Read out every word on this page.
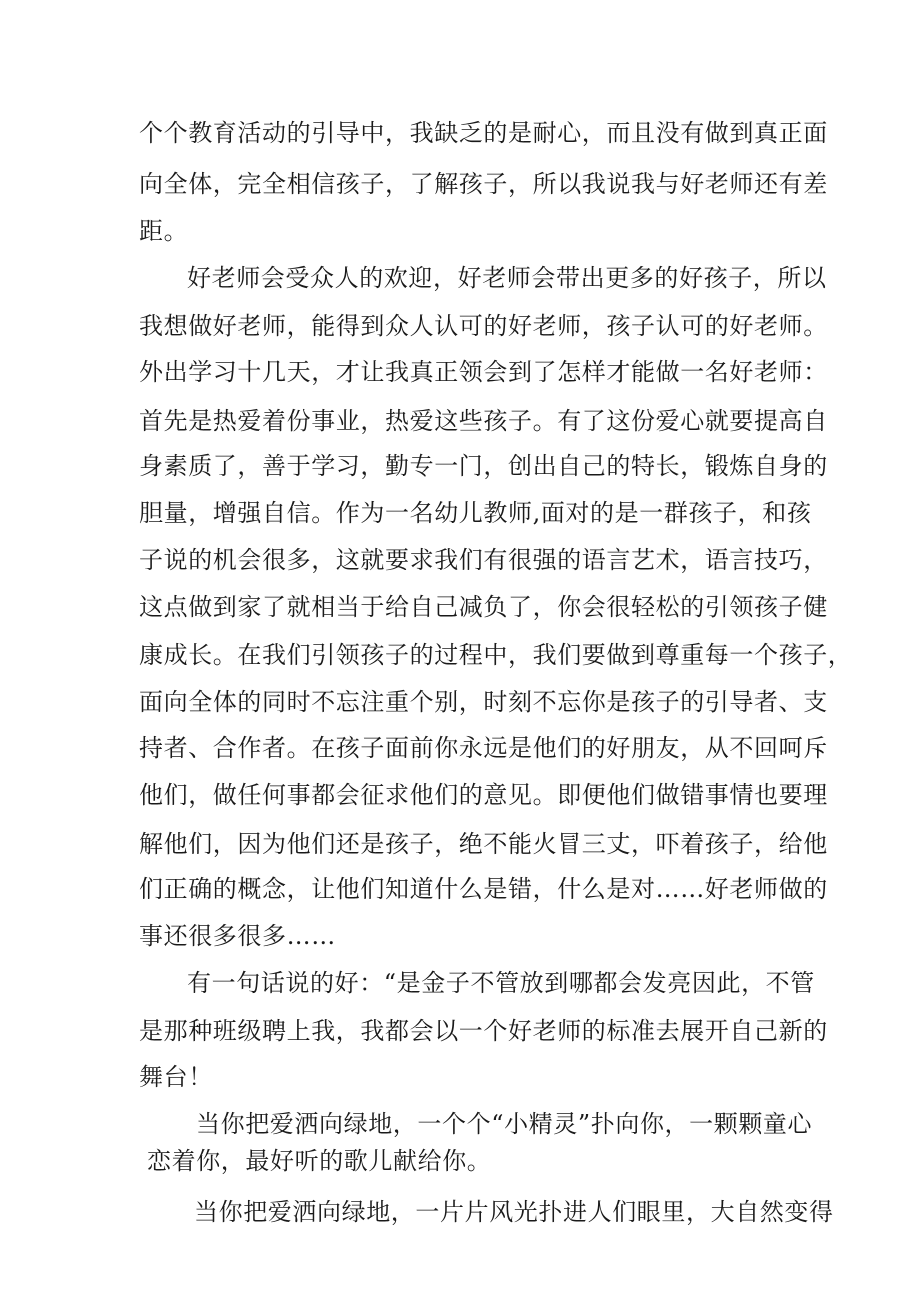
个个教育活动的引导中，我缺乏的是耐心，而且没有做到真正面
向全体，完全相信孩子，了解孩子，所以我说我与好老师还有差
距。
好老师会受众人的欢迎，好老师会带出更多的好孩子，所以
我想做好老师，能得到众人认可的好老师，孩子认可的好老师。
外出学习十几天，才让我真正领会到了怎样才能做一名好老师：
首先是热爱着份事业，热爱这些孩子。有了这份爱心就要提高自
身素质了，善于学习，勤专一门，创出自己的特长，锻炼自身的
胆量，增强自信。作为一名幼儿教师,面对的是一群孩子，和孩
子说的机会很多，这就要求我们有很强的语言艺术，语言技巧，
这点做到家了就相当于给自己减负了，你会很轻松的引领孩子健
康成长。在我们引领孩子的过程中，我们要做到尊重每一个孩子，
面向全体的同时不忘注重个别，时刻不忘你是孩子的引导者、支
持者、合作者。在孩子面前你永远是他们的好朋友，从不回呵斥
他们，做任何事都会征求他们的意见。即便他们做错事情也要理
解他们，因为他们还是孩子，绝不能火冒三丈，吓着孩子，给他
们正确的概念，让他们知道什么是错，什么是对……好老师做的
事还很多很多……
有一句话说的好：“是金子不管放到哪都会发亮因此，不管
是那种班级聘上我，我都会以一个好老师的标准去展开自己新的
舞台！
当你把爱洒向绿地，一个个“小精灵”扑向你，一颗颗童心
恋着你，最好听的歌儿献给你。
当你把爱洒向绿地，一片片风光扑进人们眼里，大自然变得
